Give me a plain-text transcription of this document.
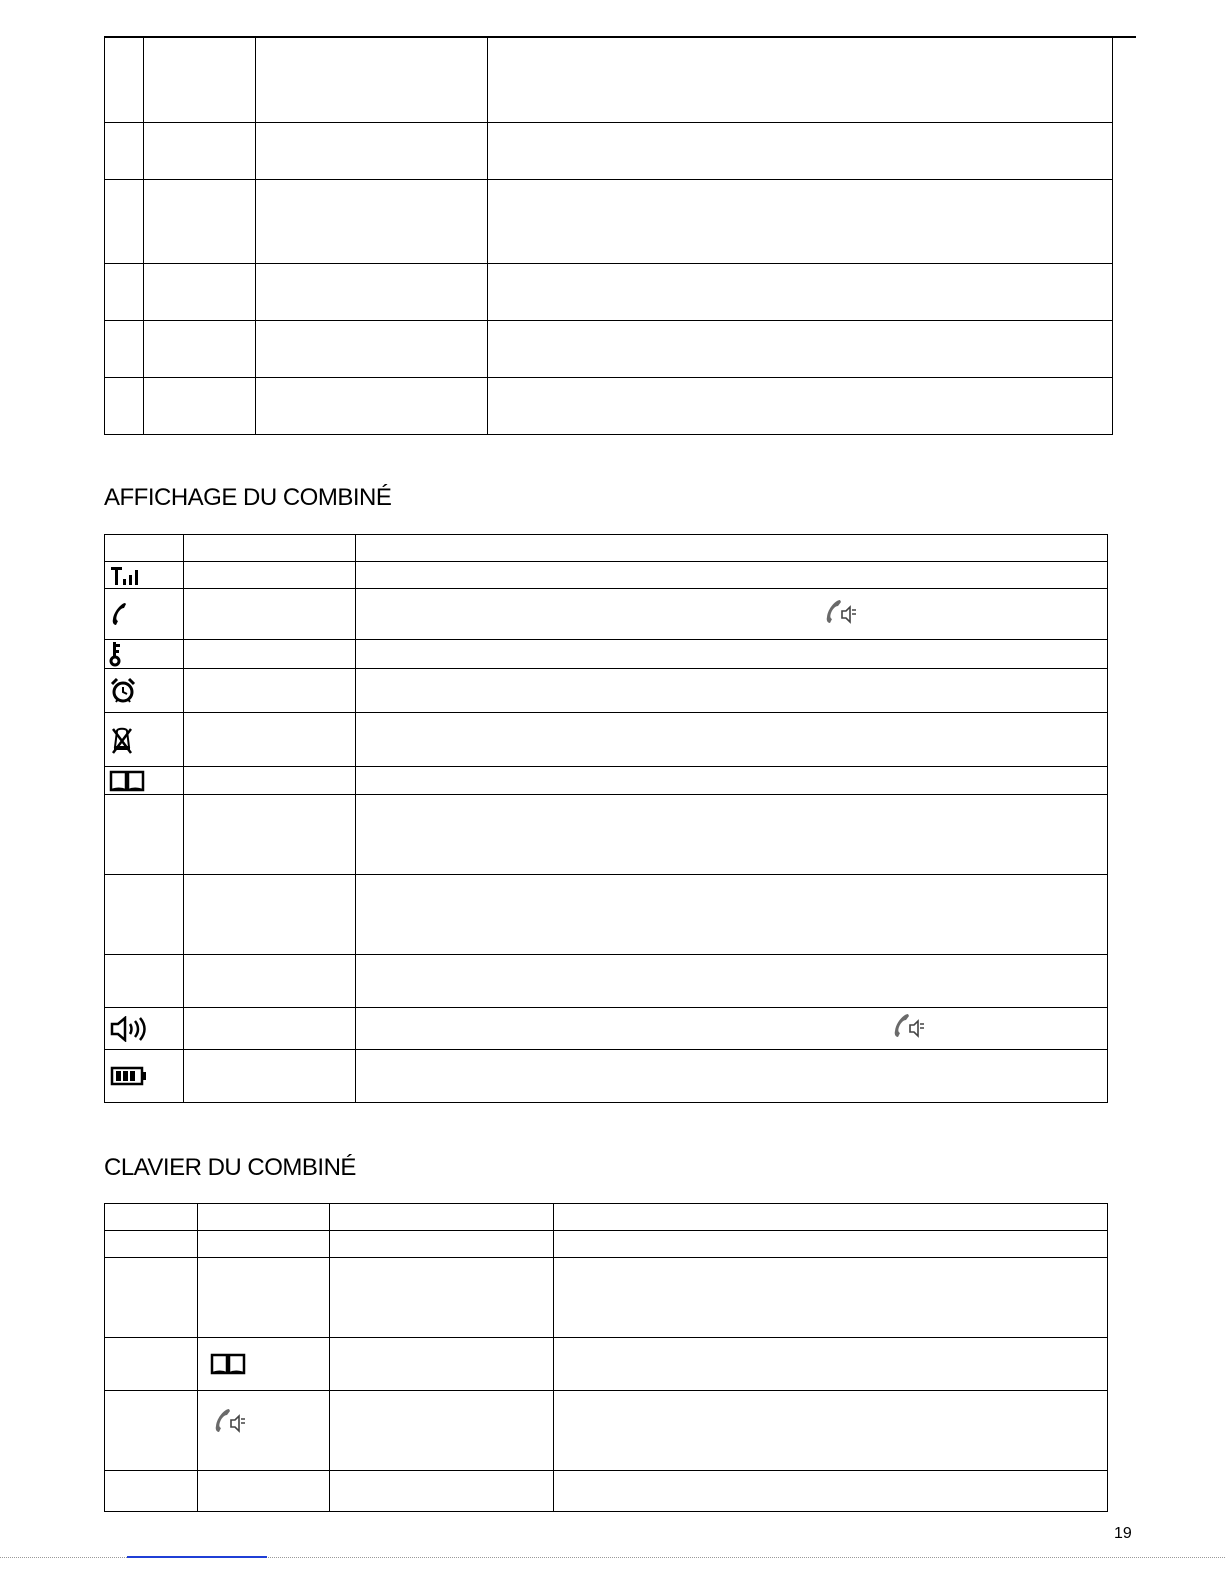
AFFICHAGE DU COMBINÉ

CLAVIER DU COMBINÉ

19
